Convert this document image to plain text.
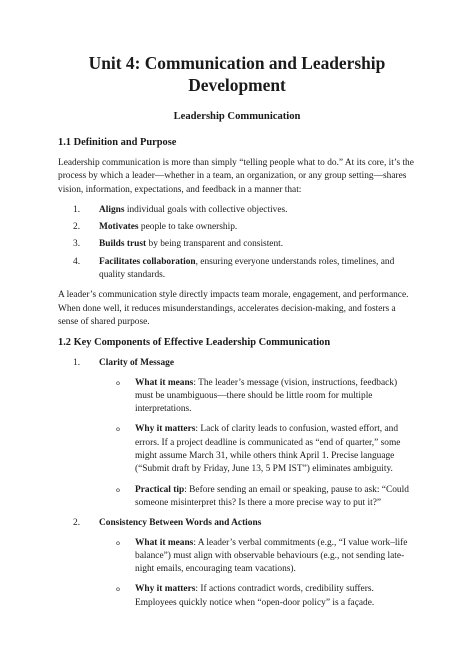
Unit 4: Communication and Leadership Development
Leadership Communication
1.1 Definition and Purpose

Leadership communication is more than simply “telling people what to do.” At its core, it’s the process by which a leader—whether in a team, an organization, or any group setting—shares vision, information, expectations, and feedback in a manner that:

1. Aligns individual goals with collective objectives.
2. Motivates people to take ownership.
3. Builds trust by being transparent and consistent.
4. Facilitates collaboration, ensuring everyone understands roles, timelines, and quality standards.

A leader’s communication style directly impacts team morale, engagement, and performance. When done well, it reduces misunderstandings, accelerates decision-making, and fosters a sense of shared purpose.

1.2 Key Components of Effective Leadership Communication
1. Clarity of Message
o What it means: The leader’s message (vision, instructions, feedback) must be unambiguous—there should be little room for multiple interpretations.
o Why it matters: Lack of clarity leads to confusion, wasted effort, and errors. If a project deadline is communicated as “end of quarter,” some might assume March 31, while others think April 1. Precise language (“Submit draft by Friday, June 13, 5 PM IST”) eliminates ambiguity.
o Practical tip: Before sending an email or speaking, pause to ask: “Could someone misinterpret this? Is there a more precise way to put it?”
2. Consistency Between Words and Actions
o What it means: A leader’s verbal commitments (e.g., “I value work–life balance”) must align with observable behaviours (e.g., not sending late-night emails, encouraging team vacations).
o Why it matters: If actions contradict words, credibility suffers. Employees quickly notice when “open-door policy” is a façade.
